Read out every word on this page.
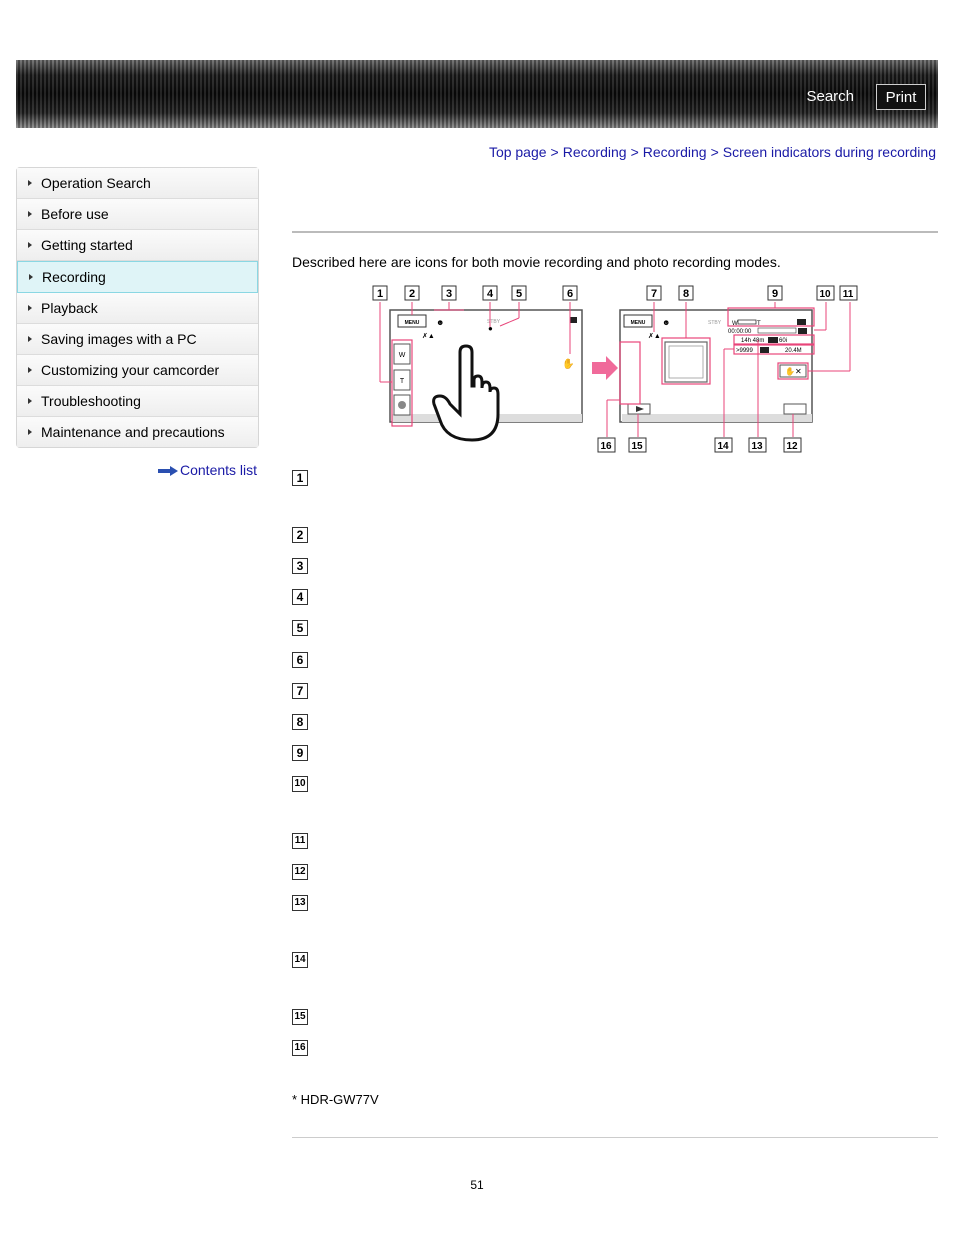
Search	Print
Top page > Recording > Recording > Screen indicators during recording
Operation Search
Before use
Getting started
Recording
Playback
Saving images with a PC
Customizing your camcorder
Troubleshooting
Maintenance and precautions
Contents list
Described here are icons for both movie recording and photo recording modes.
MENU	STBY
☻
✗▲
●
✋
W
T
MENU	STBY
☻
✗▲
W	T
00:00:00
14h 48m 60i
>9999	20.4M
✋✕
1 2	3	4 5	6	7 8	9	10 11
16 15	14 13 12
1
2
3
4
5
6
7
8
9
10
11
12
13
14
15
16
* HDR-GW77V
51
